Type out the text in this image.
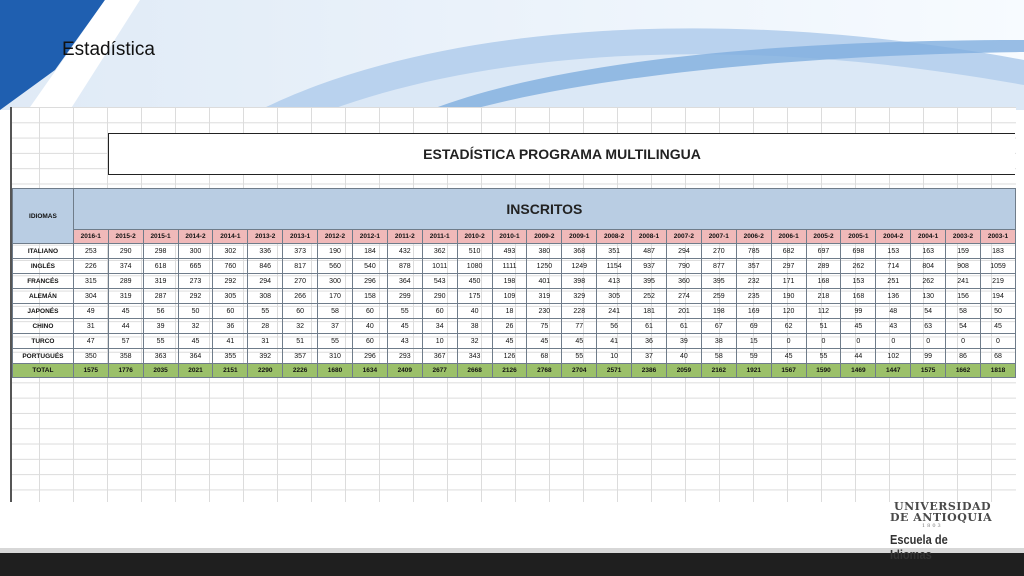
Estadística
ESTADÍSTICA PROGRAMA MULTILINGUA
IDIOMAS	INSCRITOS																										
	2016-1	2015-2	2015-1	2014-2	2014-1	2013-2	2013-1	2012-2	2012-1	2011-2	2011-1	2010-2	2010-1	2009-2	2009-1	2008-2	2008-1	2007-2	2007-1	2006-2	2006-1	2005-2	2005-1	2004-2	2004-1	2003-2	2003-1
ITALIANO	253	290	298	300	302	336	373	190	184	432	362	510	493	380	368	351	487	294	270	785	682	697	698	153	163	159	183
INGLÉS	226	374	618	665	760	846	817	560	540	878	1011	1080	1111	1250	1249	1154	937	790	877	357	297	289	262	714	804	908	1059
FRANCÉS	315	289	319	273	292	294	270	300	296	364	543	450	198	401	398	413	395	360	395	232	171	168	153	251	262	241	219
ALEMÁN	304	319	287	292	305	308	266	170	158	299	290	175	109	319	329	305	252	274	259	235	190	218	168	136	130	156	194
JAPONÉS	49	45	56	50	60	55	60	58	60	55	60	40	18	230	228	241	181	201	198	169	120	112	99	48	54	58	50
CHINO	31	44	39	32	36	28	32	37	40	45	34	38	26	75	77	56	61	61	67	69	62	51	45	43	63	54	45
TURCO	47	57	55	45	41	31	51	55	60	43	10	32	45	45	45	41	36	39	38	15	0	0	0	0	0	0	0
PORTUGUÉS	350	358	363	364	355	392	357	310	296	293	367	343	126	68	55	10	37	40	58	59	45	55	44	102	99	86	68
TOTAL	1575	1776	2035	2021	2151	2290	2226	1680	1634	2409	2677	2668	2126	2768	2704	2571	2386	2059	2162	1921	1567	1590	1469	1447	1575	1662	1818
UNIVERSIDAD
DE ANTIOQUIA
1803
Escuela de Idiomas
